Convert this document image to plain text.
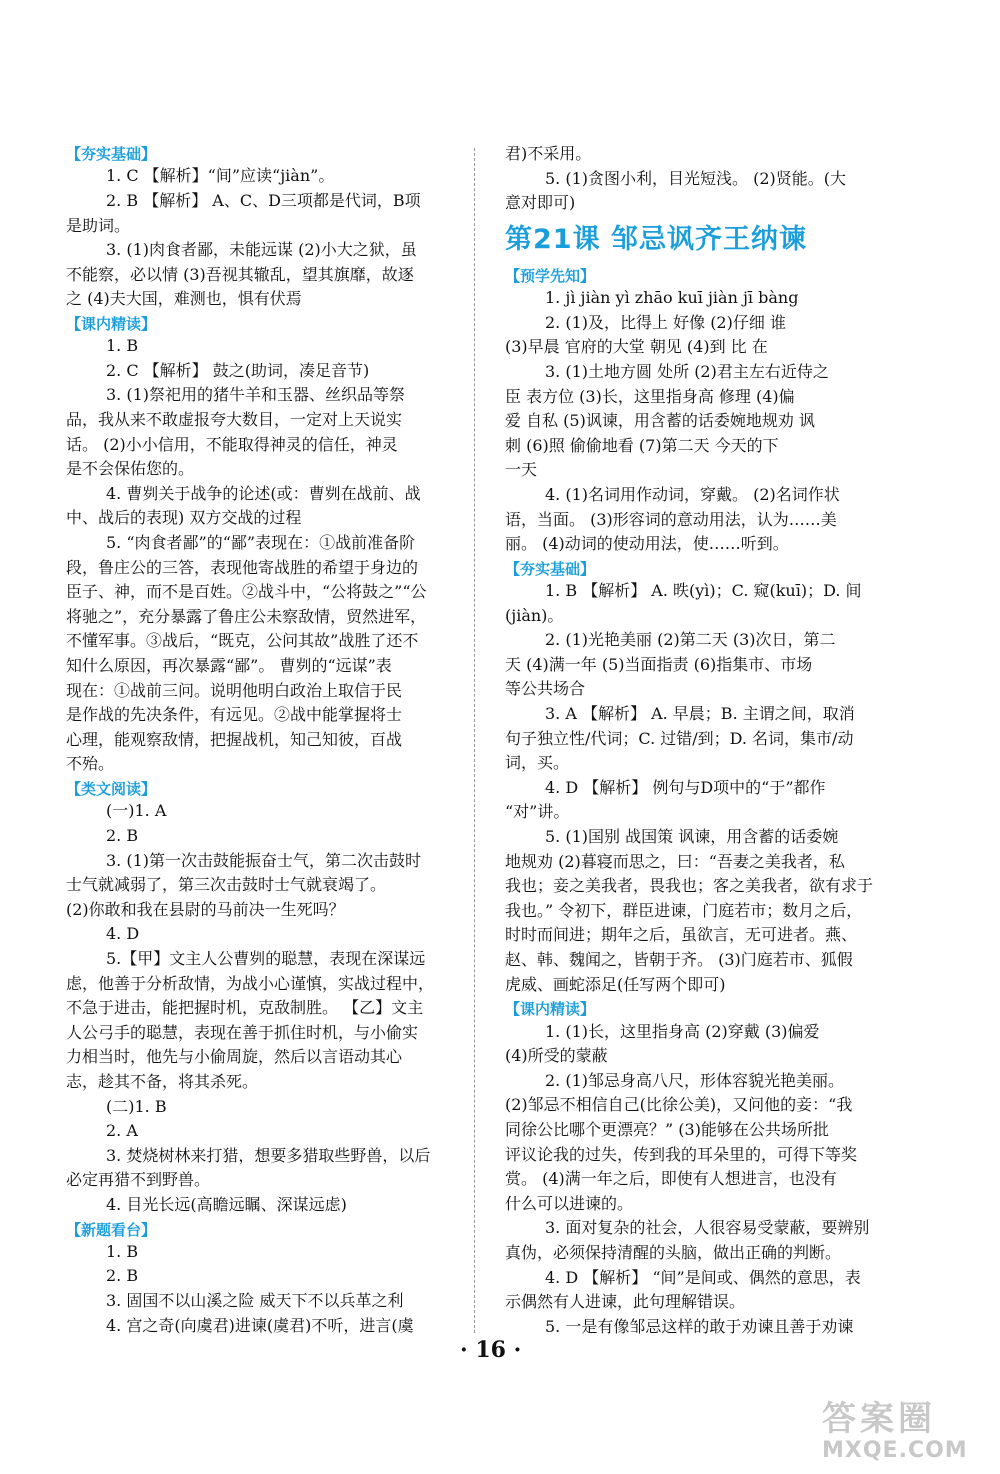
【夯实基础】
1. C 【解析】“间”应读“jiàn”。
2. B 【解析】 A、C、D三项都是代词，B项
是助词。
3. (1)肉食者鄙，未能远谋 (2)小大之狱，虽
不能察，必以情 (3)吾视其辙乱，望其旗靡，故逐
之 (4)夫大国，难测也，惧有伏焉
【课内精读】
1. B
2. C 【解析】 鼓之(助词，凑足音节)
3. (1)祭祀用的猪牛羊和玉器、丝织品等祭
品，我从来不敢虚报夸大数目，一定对上天说实
话。 (2)小小信用，不能取得神灵的信任，神灵
是不会保佑您的。
4. 曹刿关于战争的论述(或：曹刿在战前、战
中、战后的表现) 双方交战的过程
5. “肉食者鄙”的“鄙”表现在：①战前准备阶
段，鲁庄公的三答，表现他寄战胜的希望于身边的
臣子、神，而不是百姓。②战斗中，“公将鼓之”“公
将驰之”，充分暴露了鲁庄公未察敌情，贸然进军，
不懂军事。③战后，“既克，公问其故”战胜了还不
知什么原因，再次暴露“鄙”。 曹刿的“远谋”表
现在：①战前三问。说明他明白政治上取信于民
是作战的先决条件，有远见。②战中能掌握将士
心理，能观察敌情，把握战机，知己知彼，百战
不殆。
【类文阅读】
(一)1. A
2. B
3. (1)第一次击鼓能振奋士气，第二次击鼓时
士气就减弱了，第三次击鼓时士气就衰竭了。
(2)你敢和我在县尉的马前决一生死吗？
4. D
5.【甲】文主人公曹刿的聪慧，表现在深谋远
虑，他善于分析敌情，为战小心谨慎，实战过程中，
不急于进击，能把握时机，克敌制胜。 【乙】文主
人公弓手的聪慧，表现在善于抓住时机，与小偷实
力相当时，他先与小偷周旋，然后以言语动其心
志，趁其不备，将其杀死。
(二)1. B
2. A
3. 焚烧树林来打猎，想要多猎取些野兽，以后
必定再猎不到野兽。
4. 目光长远(高瞻远瞩、深谋远虑)
【新题看台】
1. B
2. B
3. 固国不以山溪之险 威天下不以兵革之利
4. 宫之奇(向虞君)进谏(虞君)不听，进言(虞
君)不采用。
5. (1)贪图小利，目光短浅。 (2)贤能。(大
意对即可)
第21课 邹忌讽齐王纳谏
【预学先知】
1. jì jiàn yì zhāo kuī jiàn jī bàng
2. (1)及，比得上 好像 (2)仔细 谁
(3)早晨 官府的大堂 朝见 (4)到 比 在
3. (1)土地方圆 处所 (2)君主左右近侍之
臣 表方位 (3)长，这里指身高 修理 (4)偏
爱 自私 (5)讽谏，用含蓄的话委婉地规劝 讽
刺 (6)照 偷偷地看 (7)第二天 今天的下
一天
4. (1)名词用作动词，穿戴。 (2)名词作状
语，当面。 (3)形容词的意动用法，认为……美
丽。 (4)动词的使动用法，使……听到。
【夯实基础】
1. B 【解析】 A. 昳(yì)；C. 窥(kuī)；D. 间
(jiàn)。
2. (1)光艳美丽 (2)第二天 (3)次日，第二
天 (4)满一年 (5)当面指责 (6)指集市、市场
等公共场合
3. A 【解析】 A. 早晨；B. 主谓之间，取消
句子独立性/代词；C. 过错/到；D. 名词，集市/动
词，买。
4. D 【解析】 例句与D项中的“于”都作
“对”讲。
5. (1)国别 战国策 讽谏，用含蓄的话委婉
地规劝 (2)暮寝而思之，曰：“吾妻之美我者，私
我也；妾之美我者，畏我也；客之美我者，欲有求于
我也。” 令初下，群臣进谏，门庭若市；数月之后，
时时而间进；期年之后，虽欲言，无可进者。燕、
赵、韩、魏闻之，皆朝于齐。 (3)门庭若市、狐假
虎威、画蛇添足(任写两个即可)
【课内精读】
1. (1)长，这里指身高 (2)穿戴 (3)偏爱
(4)所受的蒙蔽
2. (1)邹忌身高八尺，形体容貌光艳美丽。
(2)邹忌不相信自己(比徐公美)，又问他的妾：“我
同徐公比哪个更漂亮？” (3)能够在公共场所批
评议论我的过失，传到我的耳朵里的，可得下等奖
赏。 (4)满一年之后，即使有人想进言，也没有
什么可以进谏的。
3. 面对复杂的社会，人很容易受蒙蔽，要辨别
真伪，必须保持清醒的头脑，做出正确的判断。
4. D 【解析】 “间”是间或、偶然的意思，表
示偶然有人进谏，此句理解错误。
5. 一是有像邹忌这样的敢于劝谏且善于劝谏
· 16 ·
答案圈
MXQE.COM
